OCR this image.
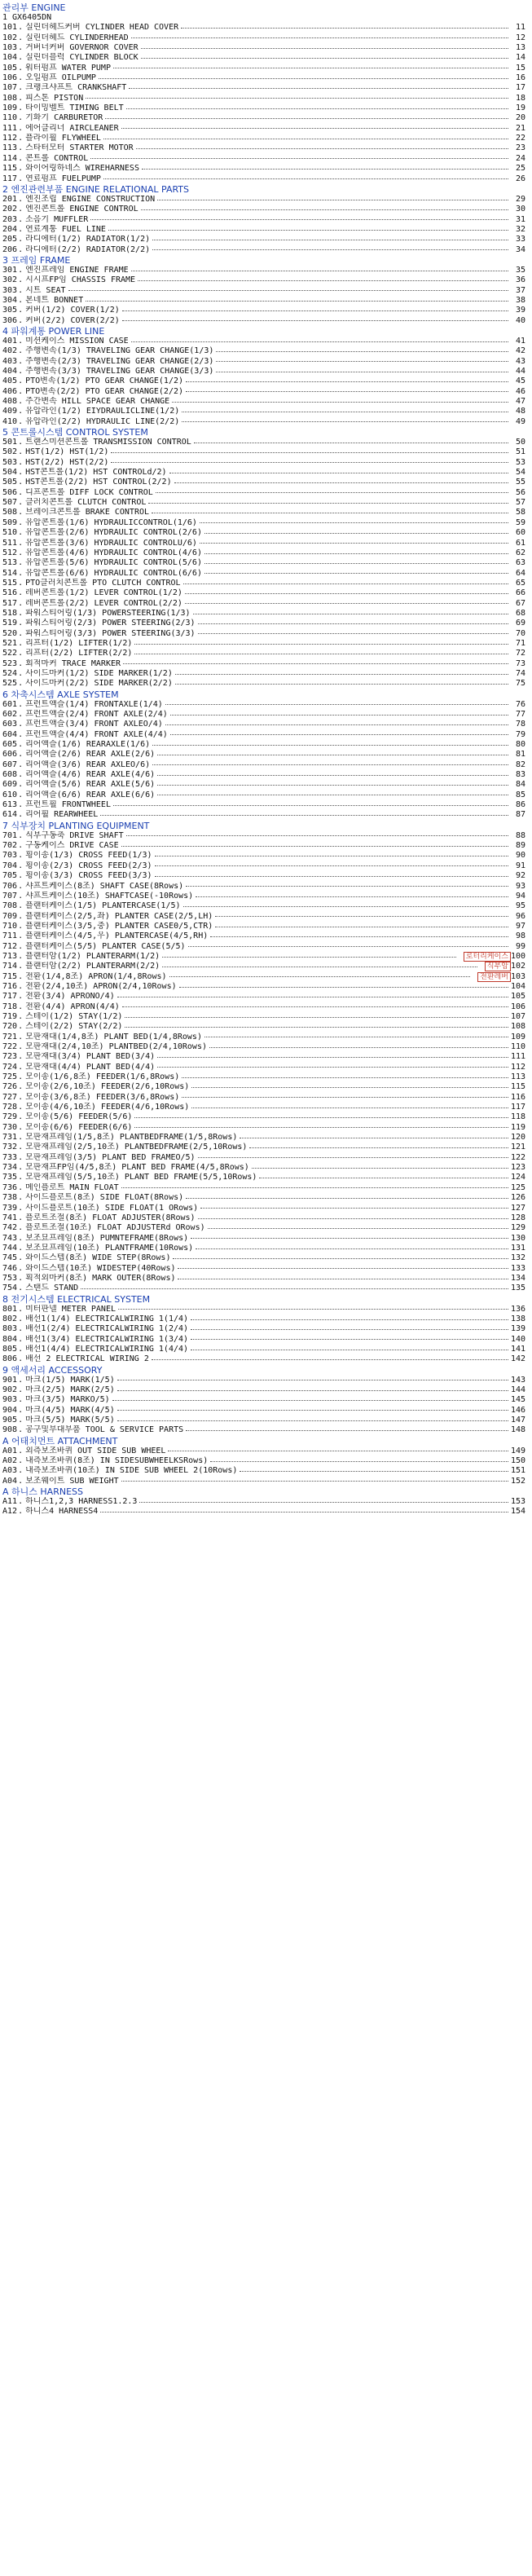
관리부 ENGINE
1 GX6405DN
101 . 실린더헤드커버 CYLINDER HEAD COVER	11
102 . 실린더헤드 CYLINDERHEAD	12
103 . 거버너커버 GOVERNOR COVER	13
104 . 실린더블럭 CYLINDER BLOCK	14
105 . 워터펌프 WATER PUMP	15
106 . 오일펌프 OILPUMP	16
107 . 크랭크샤프트 CRANKSHAFT	17
108 . 피스톤 PISTON	18
109 . 타이밍벨트 TIMING BELT	19
110 . 기화기 CARBURETOR	20
111 . 에어클리너 AIRCLEANER	21
112 . 플라이휠 FLYWHEEL	22
113 . 스타터모터 STARTER MOTOR	23
114 . 콘트롤 CONTROL	24
115 . 와이어링하네스 WIREHARNESS	25
117 . 연료펌프 FUELPUMP	26
2 엔진관련부품 ENGINE RELATIONAL PARTS
201 . 엔진조립 ENGINE CONSTRUCTION	29
202 . 엔진콘트롤 ENGINE CONTROL	30
203 . 소음기 MUFFLER	31
204 . 연료계통 FUEL LINE	32
205 . 라디에터(1/2) RADIATOR(1/2)	33
206 . 라디에터(2/2) RADIATOR(2/2)	34
3 프레임 FRAME
301 . 엔진프레임 ENGINE FRAME	35
302 . 시시프FP임 CHASSIS FRAME	36
303 . 시트 SEAT	37
304 . 본네트 BONNET	38
305 . 커버(1/2) COVER(1/2)	39
306 . 커버(2/2) COVER(2/2)	40
4 파워계통 POWER LINE
401 . 미션케이스 MISSION CASE	41
402 . 주행변속(1/3) TRAVELING GEAR CHANGE(1/3)	42
403 . 주행변속(2/3) TRAVELING GEAR CHANGE(2/3)	43
404 . 주행변속(3/3) TRAVELING GEAR CHANGE(3/3)	44
405 . PTO변속(1/2) PTO GEAR CHANGE(1/2)	45
406 . PTO변속(2/2) PTO GEAR CHANGE(2/2)	46
408 . 주간변속 HILL SPACE GEAR CHANGE	47
409 . 유압라인(1/2) EIYDRAULICLINE(1/2)	48
410 . 유압라인(2/2) HYDRAULIC LINE(2/2)	49
5 콘트롤시스템 CONTROL SYSTEM
501 . 트랜스미션콘트롤 TRANSMISSION CONTROL	50
502 . HST(1/2) HST(1/2)	51
503 . HST(2/2) HST(2/2)	53
504 . HST콘트롤(1/2) HST CONTROLd/2)	54
505 . HST콘트롤(2/2) HST CONTROL(2/2)	55
506 . 디프콘트롤 DIFF LOCK CONTROL	56
507 . 클러치콘트롤 CLUTCH CONTROL	57
508 . 브레이크콘트롤 BRAKE CONTROL	58
509 . 유압콘트롤(1/6) HYDRAULICCONTROL(1/6)	59
510 . 유압콘트롤(2/6) HYDRAULIC CONTROL(2/6)	60
511 . 유압콘트롤(3/6) HYDRAULIC CONTROLU/6)	61
512 . 유압콘트롤(4/6) HYDRAULIC CONTROL(4/6)	62
513 . 유압콘트롤(5/6) HYDRAULIC CONTROL(5/6)	63
514 . 유압콘트롤(6/6) HYDRAULIC CONTROL(6/6)	64
515 . PTO클러치콘트롤 PTO CLUTCH CONTROL	65
516 . 레버콘트롤(1/2) LEVER CONTROL(1/2)	66
517 . 레버콘트롤(2/2) LEVER CONTROL(2/2)	67
518 . 파워스티어링(1/3) POWERSTEERING(1/3)	68
519 . 파워스티어링(2/3) POWER STEERING(2/3)	69
520 . 파워스티어링(3/3) POWER STEERING(3/3)	70
521 . 리프터(1/2) LIFTER(1/2)	71
522 . 리프터(2/2) LIFTER(2/2)	72
523 . 회적마커 TRACE MARKER	73
524 . 사이드마커(1/2) SIDE MARKER(1/2)	74
525 . 사이드마커(2/2) SIDE MARKER(2/2)	75
6 차축시스템 AXLE SYSTEM
601 . 프런트액슬(1/4) FRONTAXLE(1/4)	76
602 . 프런트액슬(2/4) FRONT AXLE(2/4)	77
603 . 프런트액슬(3/4) FRONT AXLEO/4)	78
604 . 프런트액슬(4/4) FRONT AXLE(4/4)	79
605 . 리어액슬(1/6) REARAXLE(1/6)	80
606 . 리어액슬(2/6) REAR AXLE(2/6)	81
607 . 리어액슬(3/6) REAR AXLEO/6)	82
608 . 리어액슬(4/6) REAR AXLE(4/6)	83
609 . 리어액슬(5/6) REAR AXLE(5/6)	84
610 . 리어액슬(6/6) REAR AXLE(6/6)	85
613 . 프런트휠 FRONTWHEEL	86
614 . 리어휠 REARWHEEL	87
7 식부장치 PLANTING EQUIPMENT
701 . 식부구동축 DRIVE SHAFT	88
702 . 구동케이스 DRIVE CASE	89
703 . 횡이송(1/3) CROSS FEED(1/3)	90
704 . 횡이송(2/3) CROSS FEED(2/3)	91
705 . 횡이송(3/3) CROSS FEED(3/3)	92
706 . 샤프트케이스(8조) SHAFT CASE(8Rows)	93
707 . 샤프트케이스(10조) SHAFTCASE(-10Rows)	94
708 . 플랜터케이스(1/5) PLANTERCASE(1/5)	95
709 . 플랜터케이스(2/5,좌) PLANTER CASE(2/5,LH)	96
710 . 플랜터케이스(3/5,중) PLANTER CASE0/5,CTR)	97
711 . 플랜터케이스(4/5,우) PLANTERCASE(4/5,RH)	98
712 . 플랜터케이스(5/5) PLANTER CASE(5/5)	99
713 . 플랜터암(1/2) PLANTERARM(1/2)	로터리케이스 100
714 . 플랜터암(2/2) PLANTERARM(2/2)	식부암 102
715 . 전환(1/4,8조) APRON(1/4,8Rows)	전환레버 103
716 . 전환(2/4,10조) APRON(2/4,10Rows)	104
717 . 전환(3/4) APRONO/4)	105
718 . 전환(4/4) APRON(4/4)	106
719 . 스테이(1/2) STAY(1/2)	107
720 . 스테이(2/2) STAY(2/2)	108
721 . 모판재대(1/4,8조) PLANT BED(1/4,8Rows)	109
722 . 모판재대(2/4,10조) PLANTBED(2/4,10Rows)	110
723 . 모판재대(3/4) PLANT BED(3/4)	111
724 . 모판재대(4/4) PLANT BED(4/4)	112
725 . 모이송(1/6,8조) FEEDER(1/6,8Rows)	113
726 . 모이송(2/6,10조) FEEDER(2/6,10Rows)	115
727 . 모이송(3/6,8조) FEEDER(3/6,8Rows)	116
728 . 모이송(4/6,10조) FEEDER(4/6,10Rows)	117
729 . 모이송(5/6) FEEDER(5/6)	118
730 . 모이송(6/6) FEEDER(6/6)	119
731 . 모판재프레임(1/5,8조) PLANTBEDFRAME(1/5,8Rows)	120
732 . 모판재프레임(2/5,10조) PLANTBEDFRAME(2/5,10Rows)	121
733 . 모판재프레임(3/5) PLANT BED FRAMEO/5)	122
734 . 모판재프FP임(4/5,8조) PLANT BED FRAME(4/5,8Rows)	123
735 . 모판재프레임(5/5,10조) PLANT BED FRAME(5/5,10Rows)	124
736 . 메인플로트 MAIN FLOAT	125
738 . 사이드플로트(8조) SIDE FLOAT(8Rows)	126
739 . 사이드플로트(10조) SIDE FLOAT(1 ORows)	127
741 . 플로트조절(8조) FLOAT ADJUSTER(8Rows)	128
742 . 플로트조절(10조) FLOAT ADJUSTERd ORows)	129
743 . 보조묘프레임(8조) PUMNTEFRAME(8Rows)	130
744 . 보조묘프레임(10조) PLANTFRAME(10Rows)	131
745 . 와이드스텝(8조) WIDE STEP(8Rows)	132
746 . 와이드스텝(10조) WIDESTEP(40Rows)	133
753 . 획적외마커(8조) MARK OUTER(8Rows)	134
754 . 스탠드 STAND	135
8 전기시스템 ELECTRICAL SYSTEM
801 . 미터판넬 METER PANEL	136
802 . 배선1(1/4) ELECTRICALWIRING 1(1/4)	138
803 . 배선1(2/4) ELECTRICALWIRING 1(2/4)	139
804 . 배선1(3/4) ELECTRICALWIRING 1(3/4)	140
805 . 배선1(4/4) ELECTRICALWIRING 1(4/4)	141
806 . 배선 2 ELECTRICAL WIRING 2	142
9 액세서리 ACCESSORY
901 . 마크(1/5) MARK(1/5)	143
902 . 마크(2/5) MARK(2/5)	144
903 . 마크(3/5) MARKO/5)	145
904 . 마크(4/5) MARK(4/5)	146
905 . 마크(5/5) MARK(5/5)	147
908 . 공구및부대부품 TOOL & SERVICE PARTS	148
A 어태치먼트 ATTACHMENT
A01 . 외측보조바퀴 OUT SIDE SUB WHEEL	149
A02 . 내측보조바퀴(8조) IN SIDESUBWHEELKSRows)	150
A03 . 내측보조바퀴(10조) IN SIDE SUB WHEEL 2(10Rows)	151
A04 . 보조웨이트 SUB WEIGHT	152
A 하니스 HARNESS
A11 . 하니스1,2,3 HARNESS1.2.3	153
A12 . 하니스4 HARNESS4	154
